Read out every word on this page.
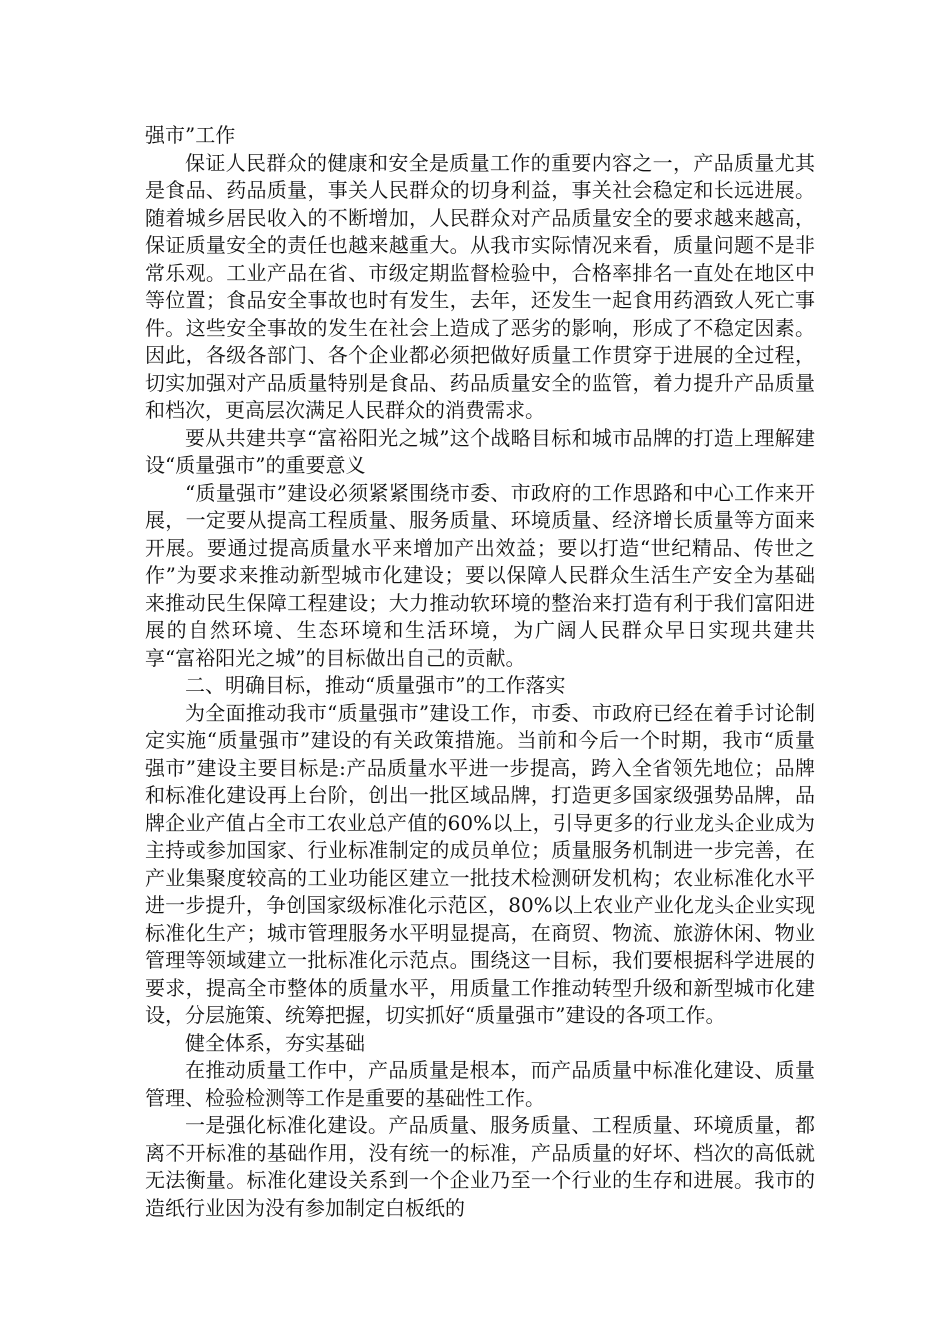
强市”工作

保证人民群众的健康和安全是质量工作的重要内容之一，产品质量尤其是食品、药品质量，事关人民群众的切身利益，事关社会稳定和长远进展。随着城乡居民收入的不断增加，人民群众对产品质量安全的要求越来越高，保证质量安全的责任也越来越重大。从我市实际情况来看，质量问题不是非常乐观。工业产品在省、市级定期监督检验中，合格率排名一直处在地区中等位置；食品安全事故也时有发生，去年，还发生一起食用药酒致人死亡事件。这些安全事故的发生在社会上造成了恶劣的影响，形成了不稳定因素。因此，各级各部门、各个企业都必须把做好质量工作贯穿于进展的全过程，切实加强对产品质量特别是食品、药品质量安全的监管，着力提升产品质量和档次，更高层次满足人民群众的消费需求。

要从共建共享“富裕阳光之城”这个战略目标和城市品牌的打造上理解建设“质量强市”的重要意义

“质量强市”建设必须紧紧围绕市委、市政府的工作思路和中心工作来开展，一定要从提高工程质量、服务质量、环境质量、经济增长质量等方面来开展。要通过提高质量水平来增加产出效益；要以打造“世纪精品、传世之作”为要求来推动新型城市化建设；要以保障人民群众生活生产安全为基础来推动民生保障工程建设；大力推动软环境的整治来打造有利于我们富阳进展的自然环境、生态环境和生活环境，为广阔人民群众早日实现共建共享“富裕阳光之城”的目标做出自己的贡献。

二、明确目标，推动“质量强市”的工作落实

为全面推动我市“质量强市”建设工作，市委、市政府已经在着手讨论制定实施“质量强市”建设的有关政策措施。当前和今后一个时期，我市“质量强市”建设主要目标是:产品质量水平进一步提高，跨入全省领先地位；品牌和标准化建设再上台阶，创出一批区域品牌，打造更多国家级强势品牌，品牌企业产值占全市工农业总产值的60%以上，引导更多的行业龙头企业成为主持或参加国家、行业标准制定的成员单位；质量服务机制进一步完善，在产业集聚度较高的工业功能区建立一批技术检测研发机构；农业标准化水平进一步提升，争创国家级标准化示范区，80%以上农业产业化龙头企业实现标准化生产；城市管理服务水平明显提高，在商贸、物流、旅游休闲、物业管理等领域建立一批标准化示范点。围绕这一目标，我们要根据科学进展的要求，提高全市整体的质量水平，用质量工作推动转型升级和新型城市化建设，分层施策、统筹把握，切实抓好“质量强市”建设的各项工作。

健全体系，夯实基础

在推动质量工作中，产品质量是根本，而产品质量中标准化建设、质量管理、检验检测等工作是重要的基础性工作。

一是强化标准化建设。产品质量、服务质量、工程质量、环境质量，都离不开标准的基础作用，没有统一的标准，产品质量的好坏、档次的高低就无法衡量。标准化建设关系到一个企业乃至一个行业的生存和进展。我市的造纸行业因为没有参加制定白板纸的
